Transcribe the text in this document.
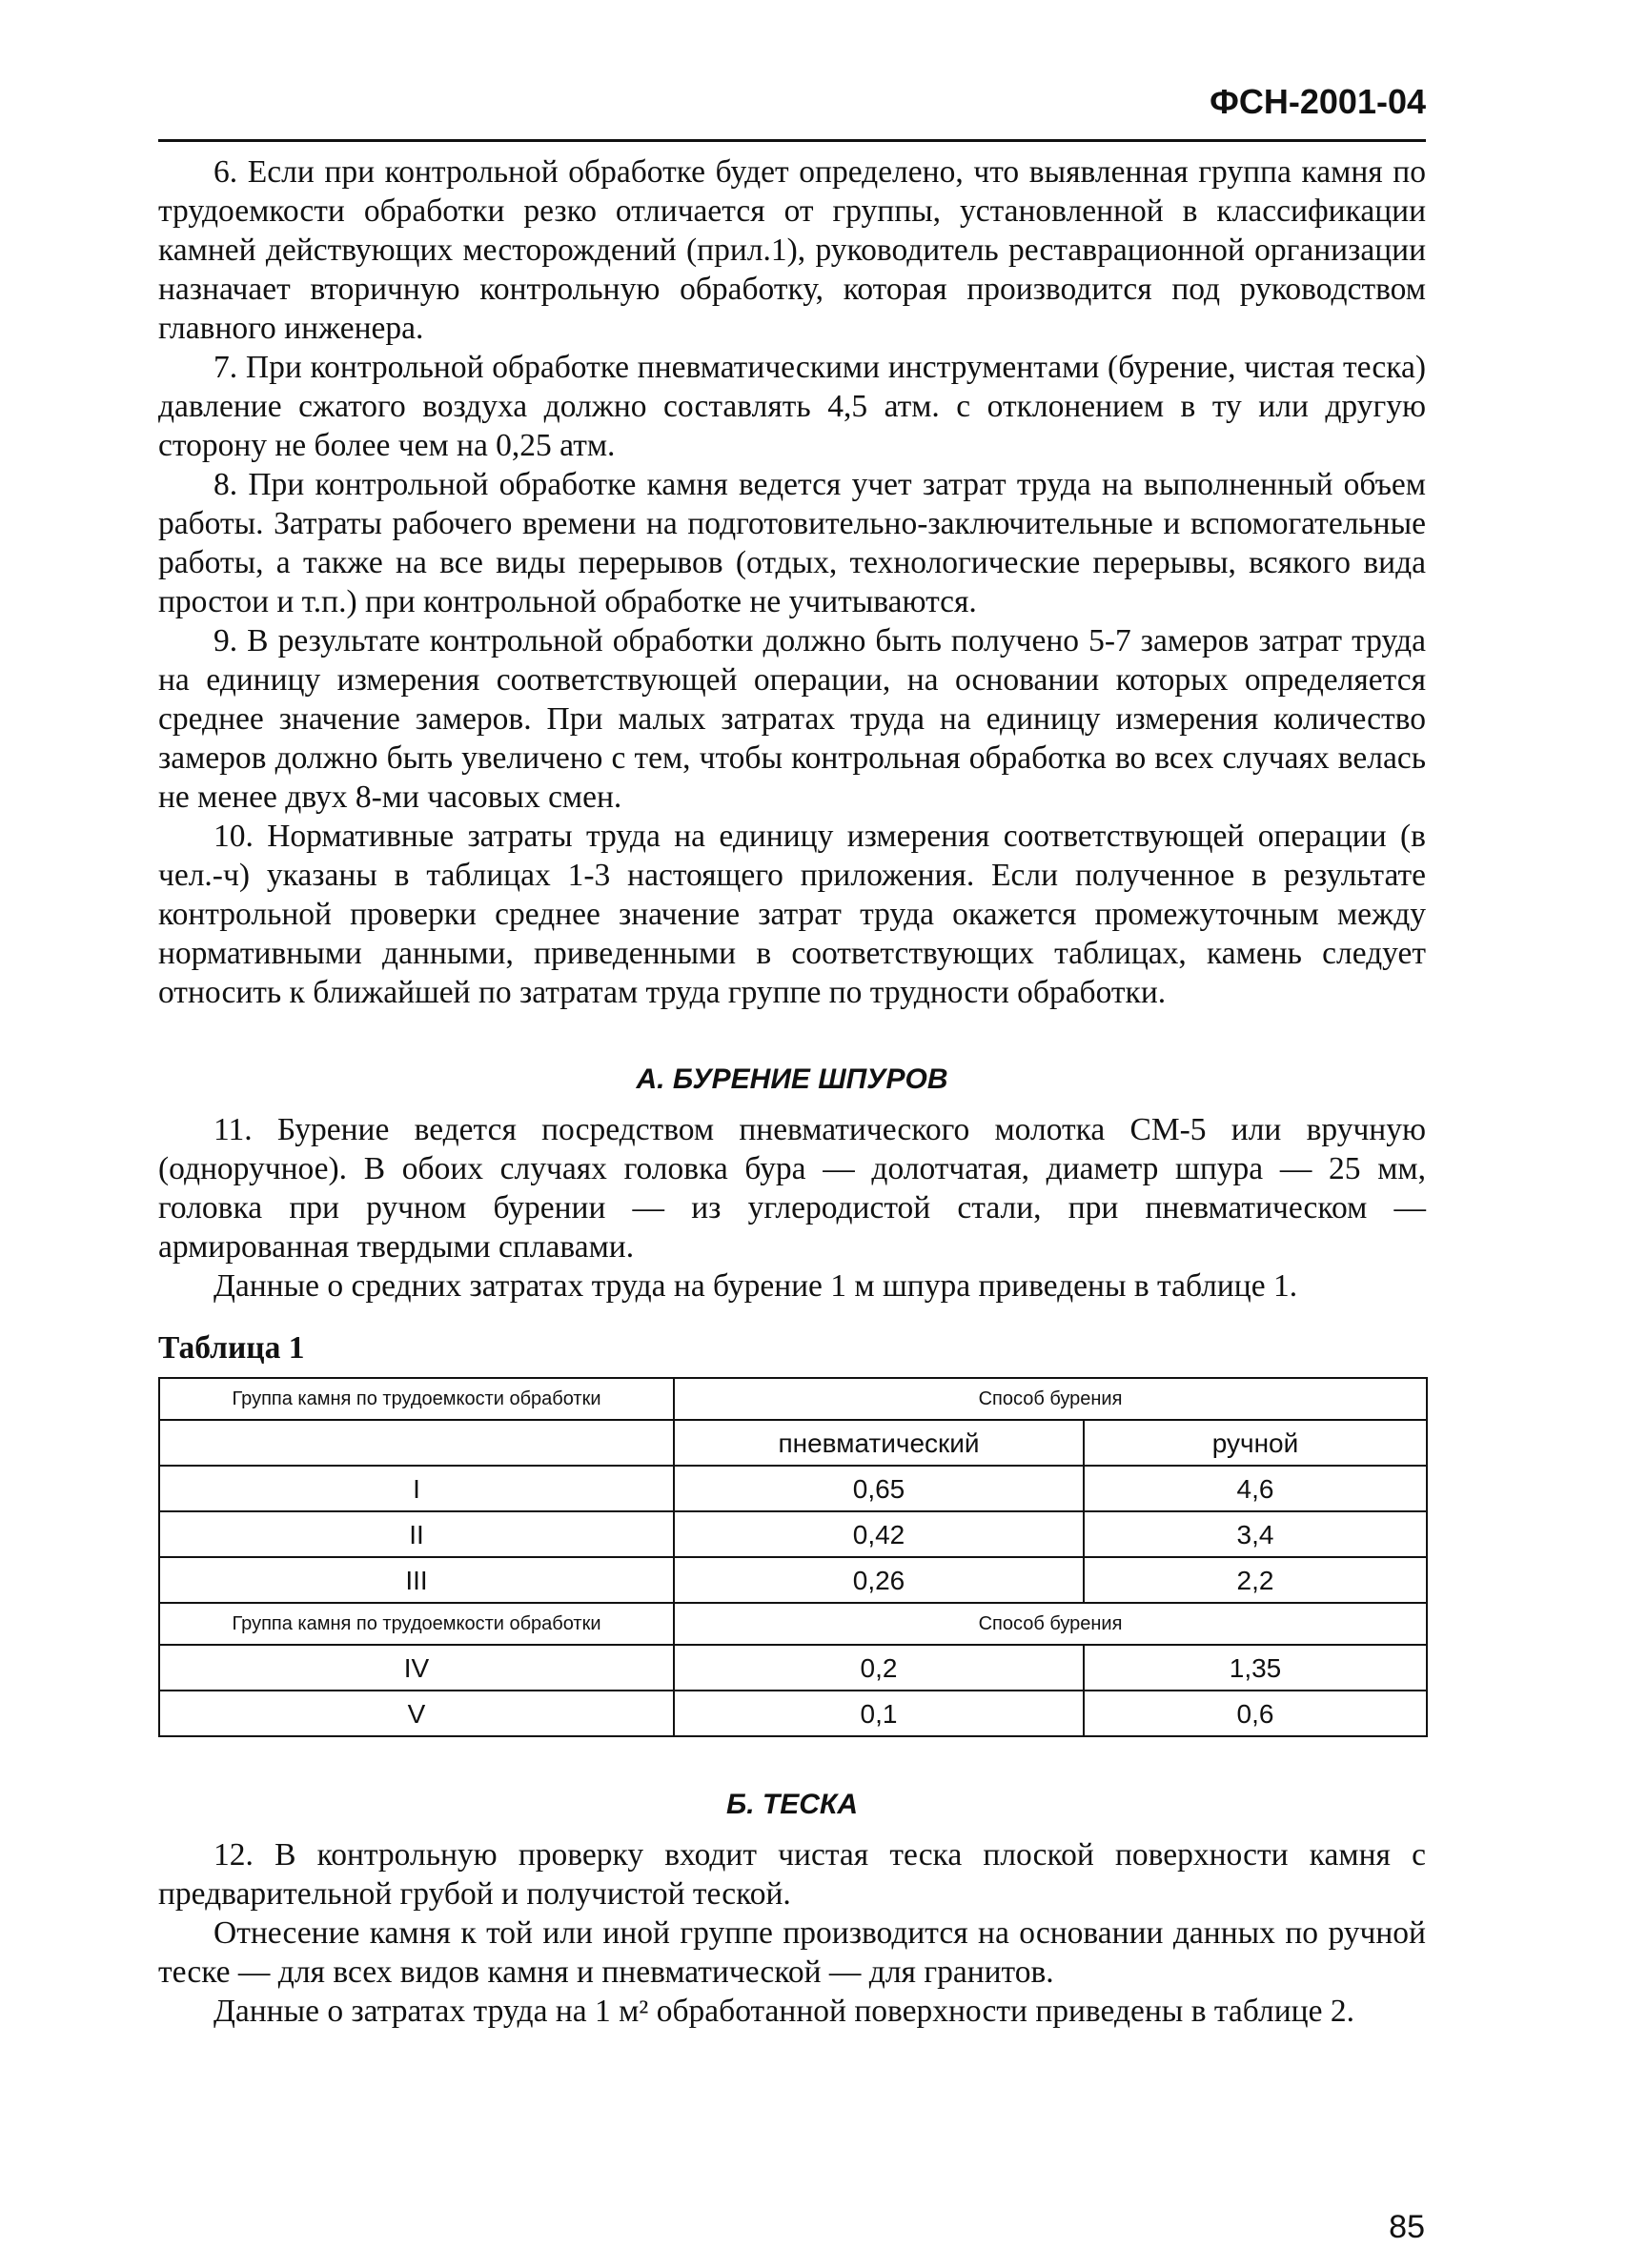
ФСН-2001-04

6. Если при контрольной обработке будет определено, что выявленная группа камня по трудоемкости обработки резко отличается от группы, установленной в классификации камней действующих месторождений (прил.1), руководитель реставрационной организации назначает вторичную контрольную обработку, которая производится под руководством главного инженера.

7. При контрольной обработке пневматическими инструментами (бурение, чистая теска) давление сжатого воздуха должно составлять 4,5 атм. с отклонением в ту или другую сторону не более чем на 0,25 атм.

8. При контрольной обработке камня ведется учет затрат труда на выполненный объем работы. Затраты рабочего времени на подготовительно-заключительные и вспомогательные работы, а также на все виды перерывов (отдых, технологические перерывы, всякого вида простои и т.п.) при контрольной обработке не учитываются.

9. В результате контрольной обработки должно быть получено 5-7 замеров затрат труда на единицу измерения соответствующей операции, на основании которых определяется среднее значение замеров. При малых затратах труда на единицу измерения количество замеров должно быть увеличено с тем, чтобы контрольная обработка во всех случаях велась не менее двух 8-ми часовых смен.

10. Нормативные затраты труда на единицу измерения соответствующей операции (в чел.-ч) указаны в таблицах 1-3 настоящего приложения. Если полученное в результате контрольной проверки среднее значение затрат труда окажется промежуточным между нормативными данными, приведенными в соответствующих таблицах, камень следует относить к ближайшей по затратам труда группе по трудности обработки.

А. БУРЕНИЕ ШПУРОВ

11. Бурение ведется посредством пневматического молотка СМ-5 или вручную (одноручное). В обоих случаях головка бура — долотчатая, диаметр шпура — 25 мм, головка при ручном бурении — из углеродистой стали, при пневматическом — армированная твердыми сплавами.

Данные о средних затратах труда на бурение 1 м шпура приведены в таблице 1.

Таблица 1

Группа камня по трудоемкости обработки	Способ бурения	
	пневматический	ручной
I	0,65	4,6
II	0,42	3,4
III	0,26	2,2
Группа камня по трудоемкости обработки	Способ бурения	
IV	0,2	1,35
V	0,1	0,6

Б. ТЕСКА

12. В контрольную проверку входит чистая теска плоской поверхности камня с предварительной грубой и получистой теской.

Отнесение камня к той или иной группе производится на основании данных по ручной теске — для всех видов камня и пневматической — для гранитов.

Данные о затратах труда на 1 м² обработанной поверхности приведены в таблице 2.

85
